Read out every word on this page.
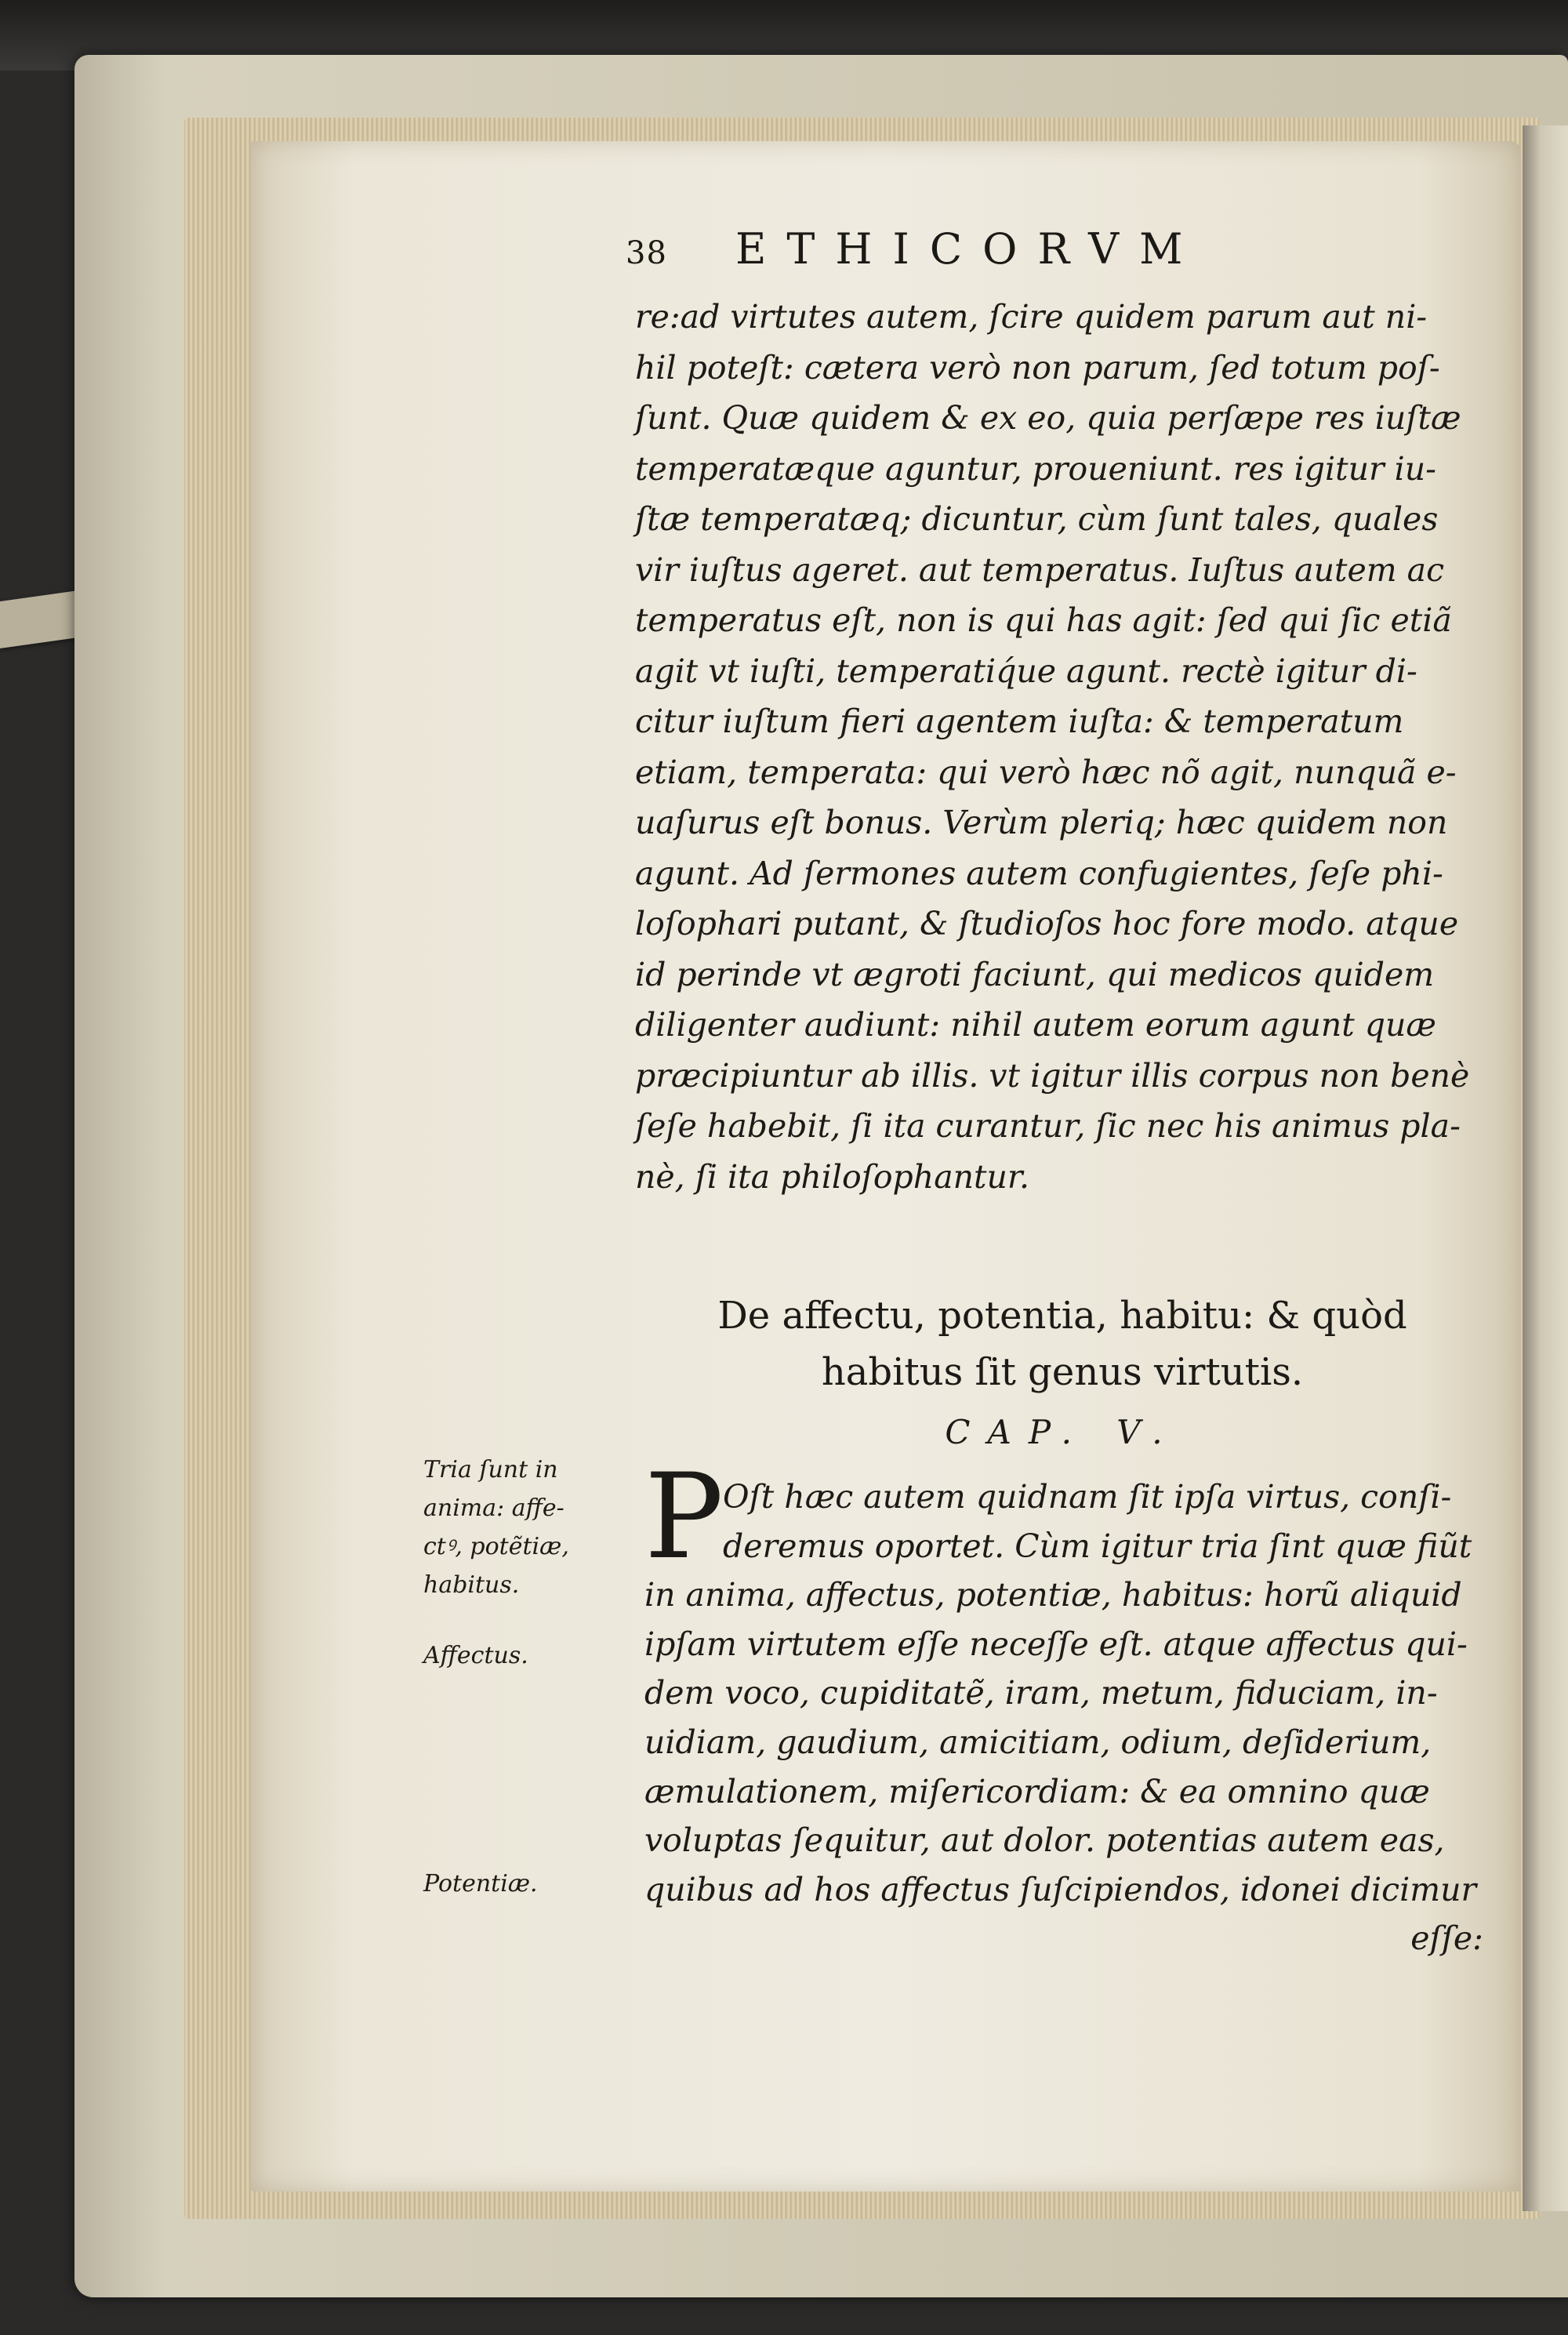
38 ETHICORVM
re:ad virtutes autem, ſcire quidem parum aut ni-
hil poteſt: cætera verò non parum, ſed totum poſ-
ſunt. Quæ quidem & ex eo, quia perſæpe res iuſtæ
temperatæque aguntur, proueniunt. res igitur iu-
ſtæ temperatæq; dicuntur, cùm ſunt tales, quales
vir iuſtus ageret. aut temperatus. Iuſtus autem ac
temperatus eſt, non is qui has agit: ſed qui ſic etiã
agit vt iuſti, temperatiq́ue agunt. rectè igitur di-
citur iuſtum fieri agentem iuſta: & temperatum
etiam, temperata: qui verò hæc nõ agit, nunquã e-
uaſurus eſt bonus. Verùm pleriq; hæc quidem non
agunt. Ad ſermones autem confugientes, ſeſe phi-
loſophari putant, & ſtudioſos hoc fore modo. atque
id perinde vt ægroti faciunt, qui medicos quidem
diligenter audiunt: nihil autem eorum agunt quæ
præcipiuntur ab illis. vt igitur illis corpus non benè
ſeſe habebit, ſi ita curantur, ſic nec his animus pla-
nè, ſi ita philoſophantur.
De affectu, potentia, habitu: & quòd
habitus ſit genus virtutis.
CAP. V.
P Oſt hæc autem quidnam ſit ipſa virtus, conſi-
deremus oportet. Cùm igitur tria ſint quæ fiũt
in anima, affectus, potentiæ, habitus: horũ aliquid
ipſam virtutem eſſe neceſſe eſt. atque affectus qui-
dem voco, cupiditatẽ, iram, metum, fiduciam, in-
uidiam, gaudium, amicitiam, odium, deſiderium,
æmulationem, miſericordiam: & ea omnino quæ
voluptas ſequitur, aut dolor. potentias autem eas,
quibus ad hos affectus ſuſcipiendos, idonei dicimur
eſſe:
Tria ſunt in
anima: affe-
ctꝰ, potẽtiæ,
habitus.
Affectus.
Potentiæ.
